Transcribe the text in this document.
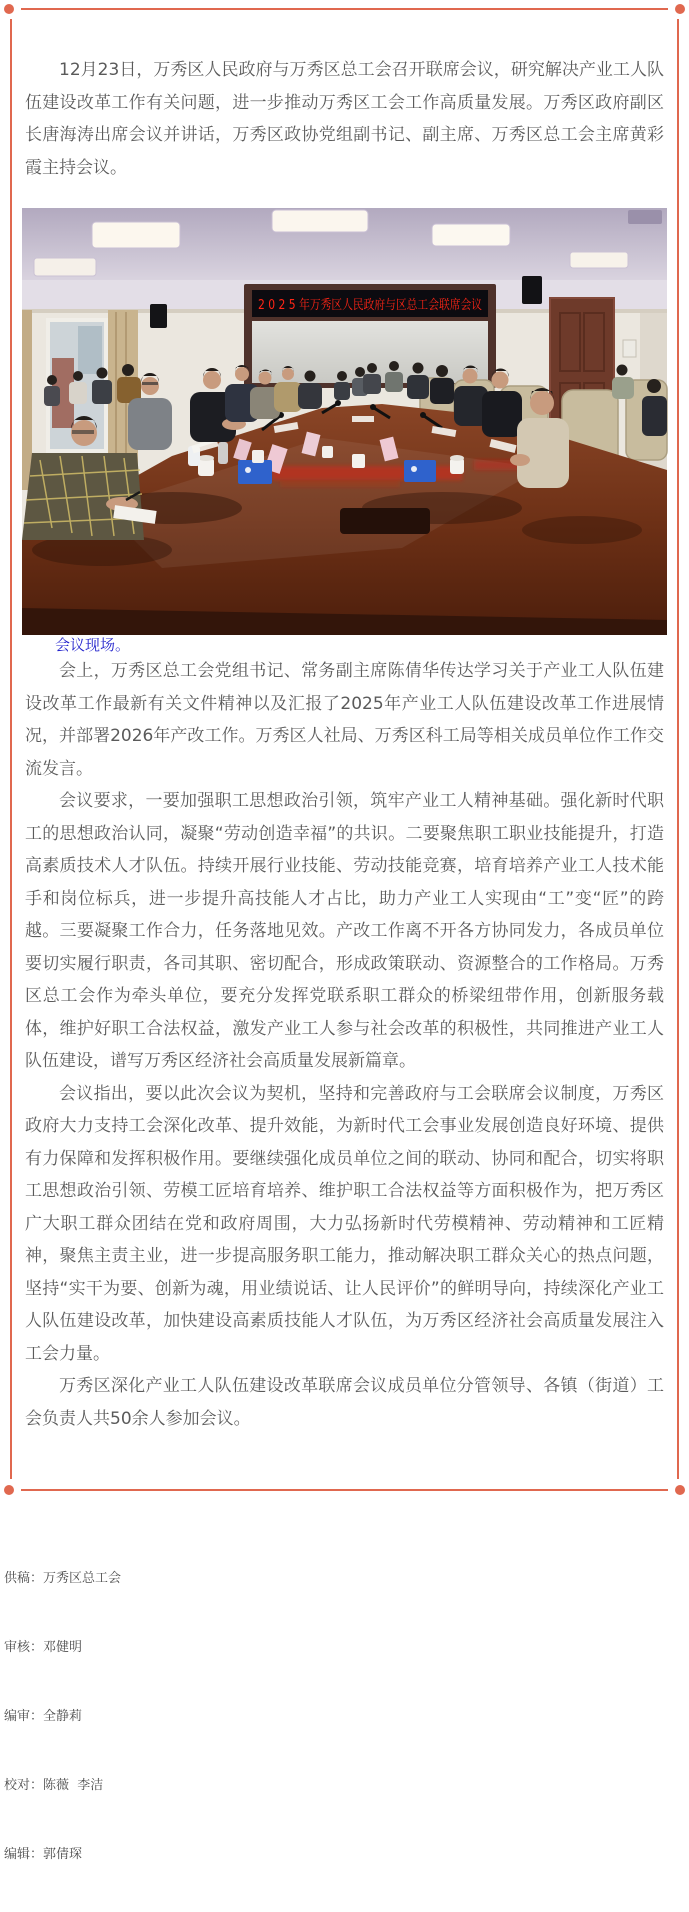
12月23日，万秀区人民政府与万秀区总工会召开联席会议，研究解决产业工人队伍建设改革工作有关问题，进一步推动万秀区工会工作高质量发展。万秀区政府副区长唐海涛出席会议并讲话，万秀区政协党组副书记、副主席、万秀区总工会主席黄彩霞主持会议。

2 0 2 5 年万秀区人民政府与区总工会联席会议

会议现场。

会上，万秀区总工会党组书记、常务副主席陈倩华传达学习关于产业工人队伍建设改革工作最新有关文件精神以及汇报了2025年产业工人队伍建设改革工作进展情况，并部署2026年产改工作。万秀区人社局、万秀区科工局等相关成员单位作工作交流发言。

会议要求，一要加强职工思想政治引领，筑牢产业工人精神基础。强化新时代职工的思想政治认同，凝聚“劳动创造幸福”的共识。二要聚焦职工职业技能提升，打造高素质技术人才队伍。持续开展行业技能、劳动技能竞赛，培育培养产业工人技术能手和岗位标兵，进一步提升高技能人才占比，助力产业工人实现由“工”变“匠”的跨越。三要凝聚工作合力，任务落地见效。产改工作离不开各方协同发力，各成员单位要切实履行职责，各司其职、密切配合，形成政策联动、资源整合的工作格局。万秀区总工会作为牵头单位，要充分发挥党联系职工群众的桥梁纽带作用，创新服务载体，维护好职工合法权益，激发产业工人参与社会改革的积极性，共同推进产业工人队伍建设，谱写万秀区经济社会高质量发展新篇章。

会议指出，要以此次会议为契机，坚持和完善政府与工会联席会议制度，万秀区政府大力支持工会深化改革、提升效能，为新时代工会事业发展创造良好环境、提供有力保障和发挥积极作用。要继续强化成员单位之间的联动、协同和配合，切实将职工思想政治引领、劳模工匠培育培养、维护职工合法权益等方面积极作为，把万秀区广大职工群众团结在党和政府周围，大力弘扬新时代劳模精神、劳动精神和工匠精神，聚焦主责主业，进一步提高服务职工能力，推动解决职工群众关心的热点问题，坚持“实干为要、创新为魂，用业绩说话、让人民评价”的鲜明导向，持续深化产业工人队伍建设改革，加快建设高素质技能人才队伍，为万秀区经济社会高质量发展注入工会力量。

万秀区深化产业工人队伍建设改革联席会议成员单位分管领导、各镇（街道）工会负责人共50余人参加会议。

供稿：万秀区总工会

审核：邓健明

编审：全静莉

校对：陈薇  李洁

编辑：郭倩琛
